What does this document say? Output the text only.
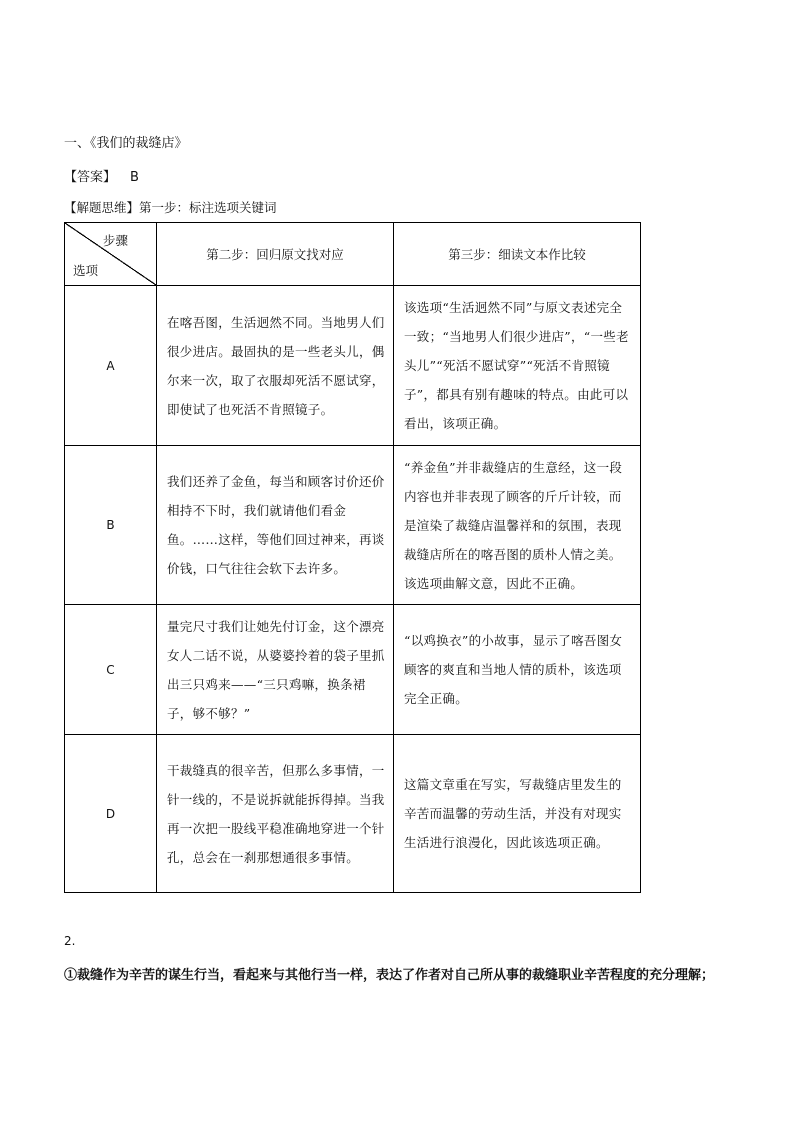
一、《我们的裁缝店》
【答案】 B
【解题思维】第一步：标注选项关键词
步骤
选项	第二步：回归原文找对应	第三步：细读文本作比较
A	在喀吾图，生活迥然不同。当地男人们很少进店。最固执的是一些老头儿，偶尔来一次，取了衣服却死活不愿试穿，即使试了也死活不肯照镜子。	该选项“生活迥然不同”与原文表述完全一致；“当地男人们很少进店”，“一些老头儿”“死活不愿试穿”“死活不肯照镜子”，都具有别有趣味的特点。由此可以看出，该项正确。
B	我们还养了金鱼，每当和顾客讨价还价相持不下时，我们就请他们看金鱼。……这样，等他们回过神来，再谈价钱，口气往往会软下去许多。	“养金鱼”并非裁缝店的生意经，这一段内容也并非表现了顾客的斤斤计较，而是渲染了裁缝店温馨祥和的氛围，表现裁缝店所在的喀吾图的质朴人情之美。该选项曲解文意，因此不正确。
C	量完尺寸我们让她先付订金，这个漂亮女人二话不说，从婆婆拎着的袋子里抓出三只鸡来——“三只鸡嘛，换条裙子，够不够？”	“以鸡换衣”的小故事，显示了喀吾图女顾客的爽直和当地人情的质朴，该选项完全正确。
D	干裁缝真的很辛苦，但那么多事情，一针一线的，不是说拆就能拆得掉。当我再一次把一股线平稳准确地穿进一个针孔，总会在一刹那想通很多事情。	这篇文章重在写实，写裁缝店里发生的辛苦而温馨的劳动生活，并没有对现实生活进行浪漫化，因此该选项正确。
2.
①裁缝作为辛苦的谋生行当，看起来与其他行当一样，表达了作者对自己所从事的裁缝职业辛苦程度的充分理解；
